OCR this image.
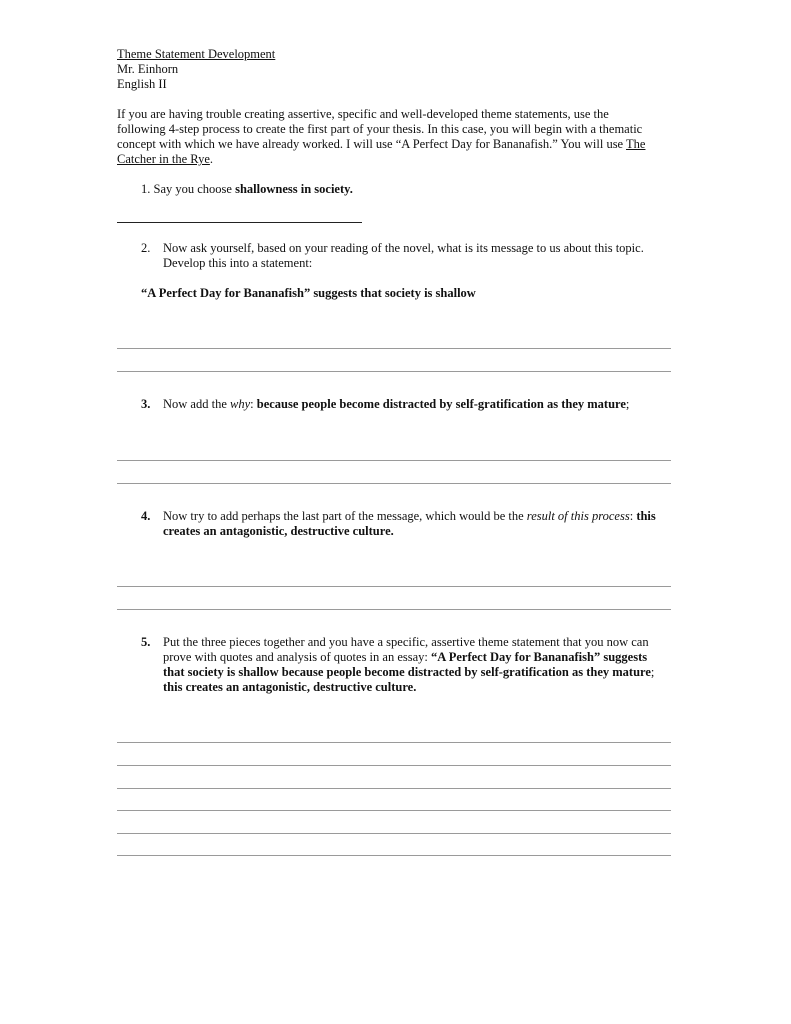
Theme Statement Development
Mr. Einhorn
English II
If you are having trouble creating assertive, specific and well-developed theme statements, use the
following 4-step process to create the first part of your thesis. In this case, you will begin with a thematic
concept with which we have already worked. I will use “A Perfect Day for Bananafish.” You will use The
Catcher in the Rye.
1. Say you choose shallowness in society.
2. Now ask yourself, based on your reading of the novel, what is its message to us about this topic.
Develop this into a statement:
“A Perfect Day for Bananafish” suggests that society is shallow
3. Now add the why: because people become distracted by self-gratification as they mature;
4. Now try to add perhaps the last part of the message, which would be the result of this process: this
creates an antagonistic, destructive culture.
5. Put the three pieces together and you have a specific, assertive theme statement that you now can
prove with quotes and analysis of quotes in an essay: “A Perfect Day for Bananafish” suggests
that society is shallow because people become distracted by self-gratification as they mature;
this creates an antagonistic, destructive culture.
